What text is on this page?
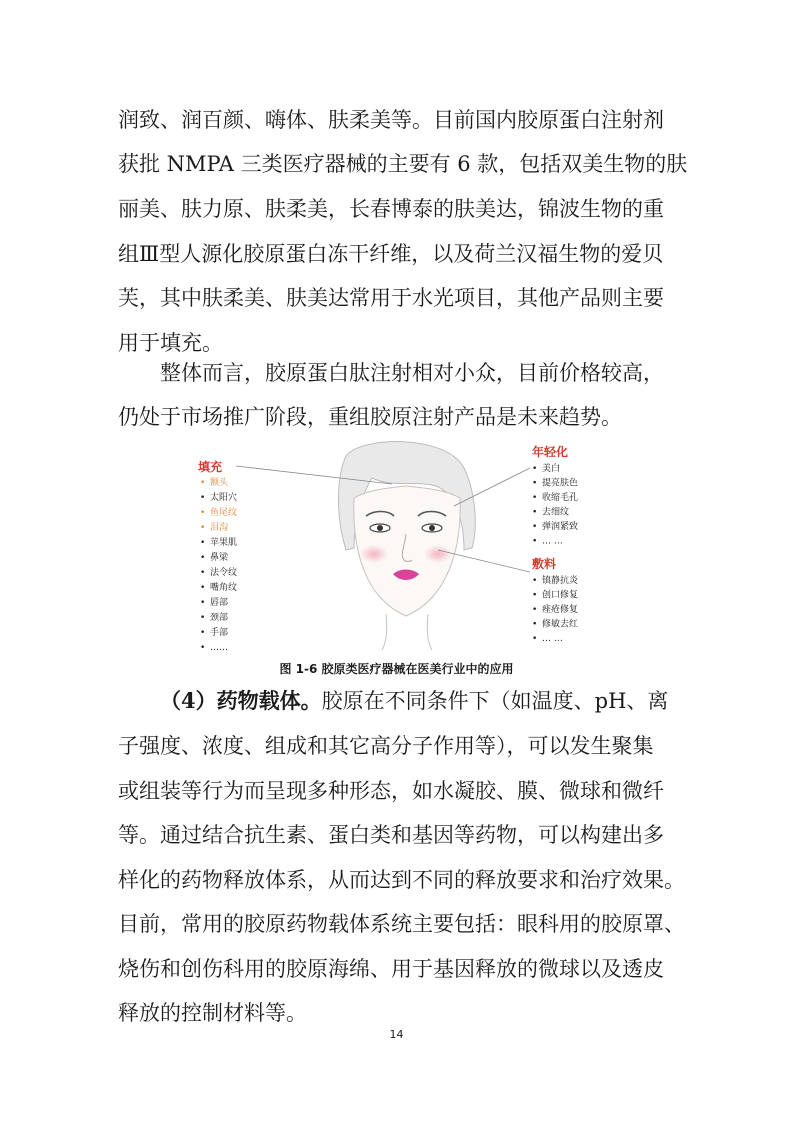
润致、润百颜、嗨体、肤柔美等。目前国内胶原蛋白注射剂
获批 NMPA 三类医疗器械的主要有 6 款，包括双美生物的肤
丽美、肤力原、肤柔美，长春博泰的肤美达，锦波生物的重
组Ⅲ型人源化胶原蛋白冻干纤维，以及荷兰汉福生物的爱贝
芙，其中肤柔美、肤美达常用于水光项目，其他产品则主要
用于填充。
整体而言，胶原蛋白肽注射相对小众，目前价格较高，
仍处于市场推广阶段，重组胶原注射产品是未来趋势。
填充
• 额头
• 太阳穴
• 鱼尾纹
• 泪沟
• 苹果肌
• 鼻梁
• 法令纹
• 嘴角纹
• 唇部
• 颈部
• 手部
• ……
年轻化
• 美白
• 提亮肤色
• 收缩毛孔
• 去细纹
• 弹润紧致
• … …
敷料
• 镇静抗炎
• 创口修复
• 痤疮修复
• 修敏去红
• … …
图 1-6 胶原类医疗器械在医美行业中的应用
（4）药物载体。胶原在不同条件下（如温度、pH、离
子强度、浓度、组成和其它高分子作用等），可以发生聚集
或组装等行为而呈现多种形态，如水凝胶、膜、微球和微纤
等。通过结合抗生素、蛋白类和基因等药物，可以构建出多
样化的药物释放体系，从而达到不同的释放要求和治疗效果。
目前，常用的胶原药物载体系统主要包括：眼科用的胶原罩、
烧伤和创伤科用的胶原海绵、用于基因释放的微球以及透皮
释放的控制材料等。
14
